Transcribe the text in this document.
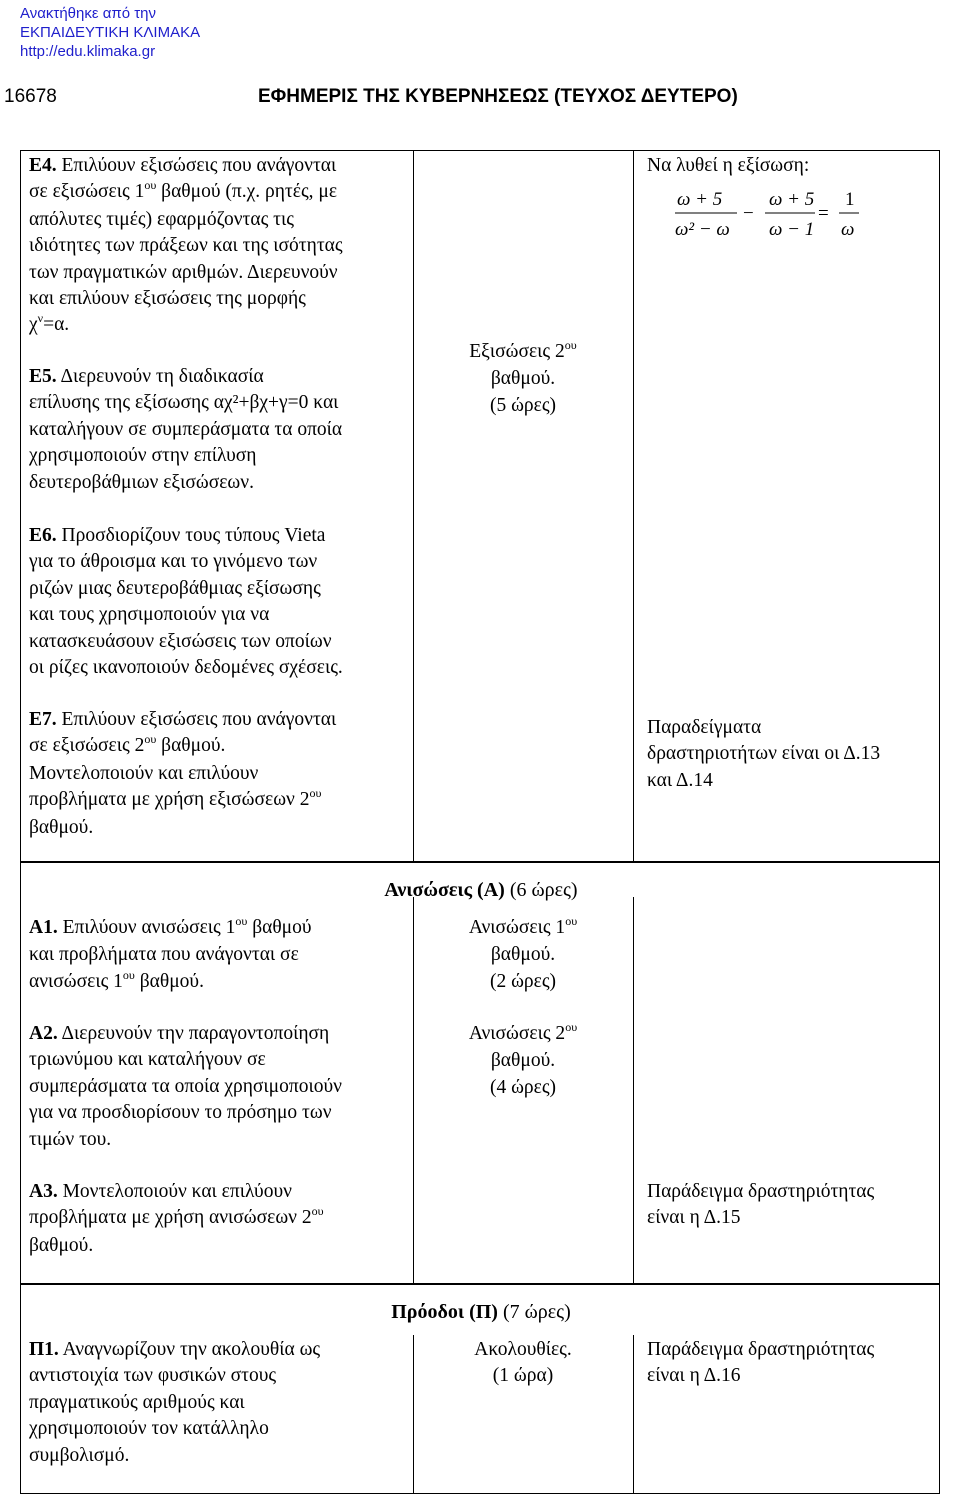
Ανακτήθηκε από την
ΕΚΠΑΙΔΕΥΤΙΚΗ ΚΛΙΜΑΚΑ
http://edu.klimaka.gr
16678	ΕΦΗΜΕΡΙΣ ΤΗΣ ΚΥΒΕΡΝΗΣΕΩΣ (ΤΕΥΧΟΣ ΔΕΥΤΕΡΟ)
Ε4. Επιλύουν εξισώσεις που ανάγονται
σε εξισώσεις $1^{o\upsilon}$ βαθμού (π.χ. ρητές, με
απόλυτες τιμές) εφαρμόζοντας τις
ιδιότητες των πράξεων και της ισότητας
των πραγματικών αριθμών. Διερευνούν
και επιλύουν εξισώσεις της μορφής
$\chi^\nu=\alpha$.
Ε5. Διερευνούν τη διαδικασία
επίλυσης της εξίσωσης αχ²+βχ+γ=0 και
καταλήγουν σε συμπεράσματα τα οποία
χρησιμοποιούν στην επίλυση
δευτεροβάθμιων εξισώσεων.
Ε6. Προσδιορίζουν τους τύπους Vieta
για το άθροισμα και το γινόμενο των
ριζών μιας δευτεροβάθμιας εξίσωσης
και τους χρησιμοποιούν για να
κατασκευάσουν εξισώσεις των οποίων
οι ρίζες ικανοποιούν δεδομένες σχέσεις.
Ε7. Επιλύουν εξισώσεις που ανάγονται
σε εξισώσεις $2^{o\upsilon}$ βαθμού.
Μοντελοποιούν και επιλύουν
προβλήματα με χρήση εξισώσεων $2^{o\upsilon}$
βαθμού.
Εξισώσεις $2^{o\upsilon}$
βαθμού.
(5 ώρες)
Να λυθεί η εξίσωση:
ω + 5
ω² − ω
−
ω + 5
ω − 1
=
1
ω
Παραδείγματα
δραστηριοτήτων είναι οι Δ.13
και Δ.14
Ανισώσεις (Α) (6 ώρες)
Α1. Επιλύουν ανισώσεις $1^{o\upsilon}$ βαθμού
και προβλήματα που ανάγονται σε
ανισώσεις $1^{o\upsilon}$ βαθμού.
Ανισώσεις $1^{o\upsilon}$
βαθμού.
(2 ώρες)
Α2. Διερευνούν την παραγοντοποίηση
τριωνύμου και καταλήγουν σε
συμπεράσματα τα οποία χρησιμοποιούν
για να προσδιορίσουν το πρόσημο των
τιμών του.
Ανισώσεις $2^{o\upsilon}$
βαθμού.
(4 ώρες)
Α3. Μοντελοποιούν και επιλύουν
προβλήματα με χρήση ανισώσεων $2^{o\upsilon}$
βαθμού.
Παράδειγμα δραστηριότητας
είναι η Δ.15
Πρόοδοι (Π) (7 ώρες)
Π1. Αναγνωρίζουν την ακολουθία ως
αντιστοιχία των φυσικών στους
πραγματικούς αριθμούς και
χρησιμοποιούν τον κατάλληλο
συμβολισμό.
Ακολουθίες.
(1 ώρα)
Παράδειγμα δραστηριότητας
είναι η Δ.16
